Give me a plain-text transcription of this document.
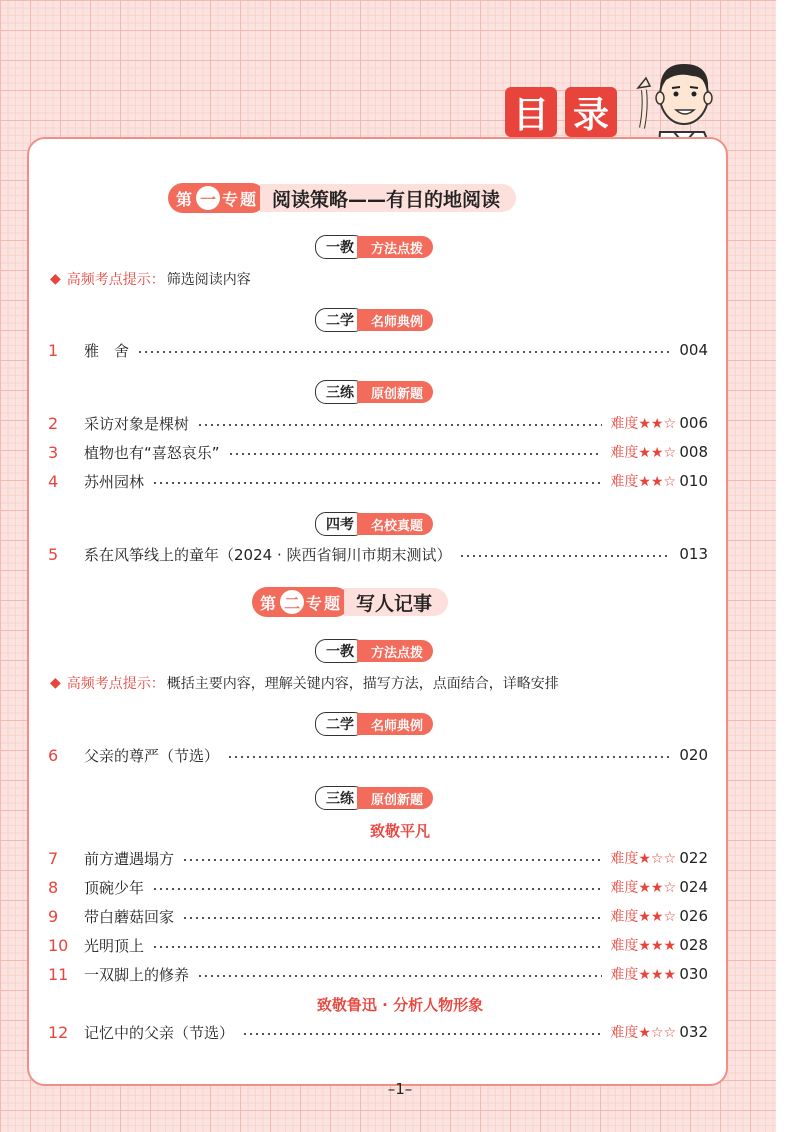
目 录
第 一 专 题 阅读策略——有目的地阅读
一教	方法点拨
◆ 高频考点提示： 筛选阅读内容
二学	名师典例
1	雅　舍	004
三练	原创新题
2	采访对象是棵树	难度★★☆ 006
3	植物也有“喜怒哀乐”	难度★★☆ 008
4	苏州园林	难度★★☆ 010
四考	名校真题
5	系在风筝线上的童年（2024 · 陕西省铜川市期末测试）	013
第 二 专 题 写人记事
一教	方法点拨
◆ 高频考点提示： 概括主要内容，理解关键内容，描写方法，点面结合，详略安排
二学	名师典例
6	父亲的尊严（节选）	020
三练	原创新题
致敬平凡
7	前方遭遇塌方	难度★☆☆ 022
8	顶碗少年	难度★★☆ 024
9	带白蘑菇回家	难度★★☆ 026
10	光明顶上	难度★★★ 028
11	一双脚上的修养	难度★★★ 030
致敬鲁迅 · 分析人物形象
12	记忆中的父亲（节选）	难度★☆☆ 032
–1–
